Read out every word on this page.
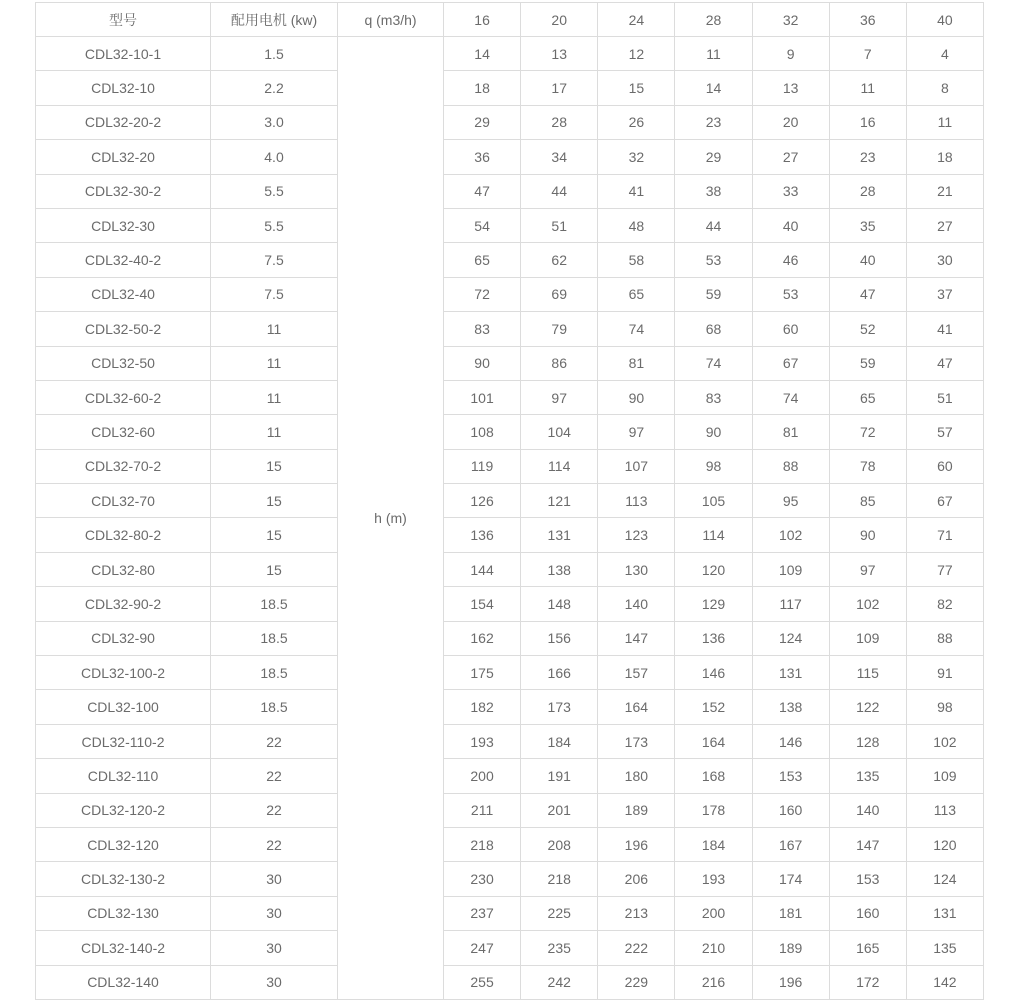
型号	配用电机 (kw)	q (m3/h)	16	20	24	28	32	36	40
CDL32-10-1	1.5	h (m)	14	13	12	11	9	7	4
CDL32-10	2.2		18	17	15	14	13	11	8
CDL32-20-2	3.0		29	28	26	23	20	16	11
CDL32-20	4.0		36	34	32	29	27	23	18
CDL32-30-2	5.5		47	44	41	38	33	28	21
CDL32-30	5.5		54	51	48	44	40	35	27
CDL32-40-2	7.5		65	62	58	53	46	40	30
CDL32-40	7.5		72	69	65	59	53	47	37
CDL32-50-2	11		83	79	74	68	60	52	41
CDL32-50	11		90	86	81	74	67	59	47
CDL32-60-2	11		101	97	90	83	74	65	51
CDL32-60	11		108	104	97	90	81	72	57
CDL32-70-2	15		119	114	107	98	88	78	60
CDL32-70	15		126	121	113	105	95	85	67
CDL32-80-2	15		136	131	123	114	102	90	71
CDL32-80	15		144	138	130	120	109	97	77
CDL32-90-2	18.5		154	148	140	129	117	102	82
CDL32-90	18.5		162	156	147	136	124	109	88
CDL32-100-2	18.5		175	166	157	146	131	115	91
CDL32-100	18.5		182	173	164	152	138	122	98
CDL32-110-2	22		193	184	173	164	146	128	102
CDL32-110	22		200	191	180	168	153	135	109
CDL32-120-2	22		211	201	189	178	160	140	113
CDL32-120	22		218	208	196	184	167	147	120
CDL32-130-2	30		230	218	206	193	174	153	124
CDL32-130	30		237	225	213	200	181	160	131
CDL32-140-2	30		247	235	222	210	189	165	135
CDL32-140	30		255	242	229	216	196	172	142
